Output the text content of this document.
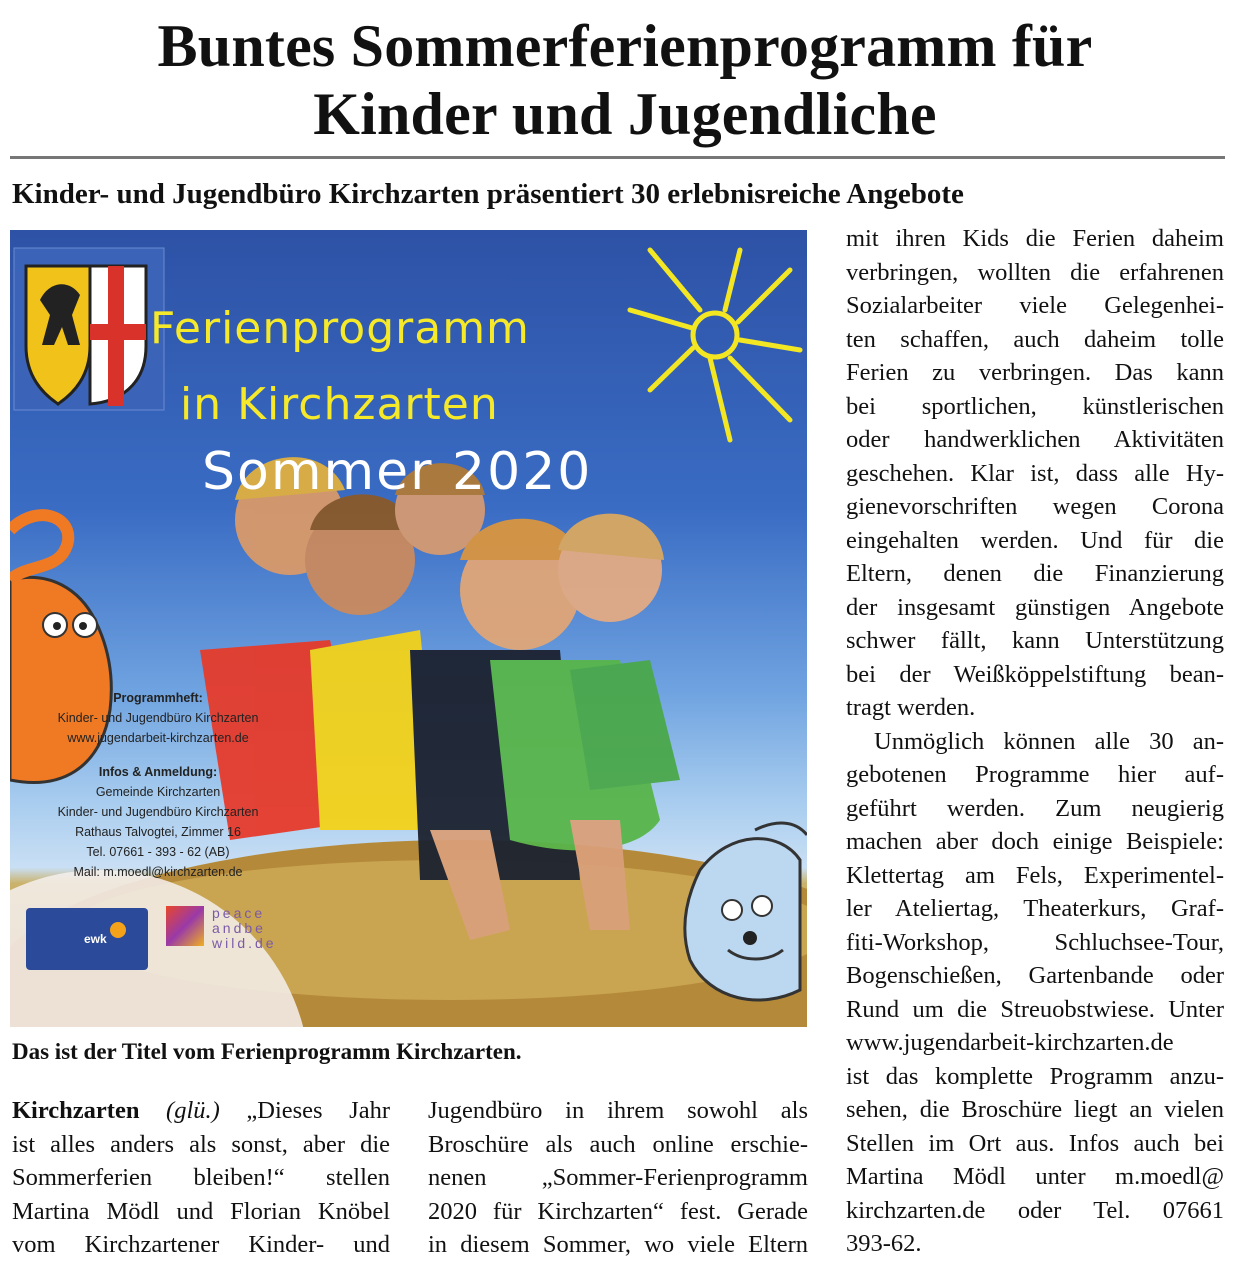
Buntes Sommerferienprogramm für
Kinder und Jugendliche
Kinder- und Jugendbüro Kirchzarten präsentiert 30 erlebnisreiche Angebote
Ferienprogramm
in Kirchzarten
Sommer 2020
Programmheft:
Kinder- und Jugendbüro Kirchzarten
www.jugendarbeit-kirchzarten.de
Infos & Anmeldung:
Gemeinde Kirchzarten
Kinder- und Jugendbüro Kirchzarten
Rathaus Talvogtei, Zimmer 16
Tel. 07661 - 393 - 62 (AB)
Mail: m.moedl@kirchzarten.de
ewk
peace
andbe
wild.de
Das ist der Titel vom Ferienprogramm Kirchzarten.
Kirchzarten (glü.) „Dieses Jahr
ist alles anders als sonst, aber die
Sommerferien bleiben!“ stellen
Martina Mödl und Florian Knöbel
vom Kirchzartener Kinder- und
Jugendbüro in ihrem sowohl als
Broschüre als auch online erschie-
nenen „Sommer-Ferienprogramm
2020 für Kirchzarten“ fest. Gerade
in diesem Sommer, wo viele Eltern
mit ihren Kids die Ferien daheim
verbringen, wollten die erfahrenen
Sozialarbeiter viele Gelegenhei-
ten schaffen, auch daheim tolle
Ferien zu verbringen. Das kann
bei sportlichen, künstlerischen
oder handwerklichen Aktivitäten
geschehen. Klar ist, dass alle Hy-
gienevorschriften wegen Corona
eingehalten werden. Und für die
Eltern, denen die Finanzierung
der insgesamt günstigen Angebote
schwer fällt, kann Unterstützung
bei der Weißköppelstiftung bean-
tragt werden.
Unmöglich können alle 30 an-
gebotenen Programme hier auf-
geführt werden. Zum neugierig
machen aber doch einige Beispiele:
Klettertag am Fels, Experimentel-
ler Ateliertag, Theaterkurs, Graf-
fiti-Workshop, Schluchsee-Tour,
Bogenschießen, Gartenbande oder
Rund um die Streuobstwiese. Unter
www.jugendarbeit-kirchzarten.de
ist das komplette Programm anzu-
sehen, die Broschüre liegt an vielen
Stellen im Ort aus. Infos auch bei
Martina Mödl unter m.moedl@
kirchzarten.de oder Tel. 07661
393-62.
